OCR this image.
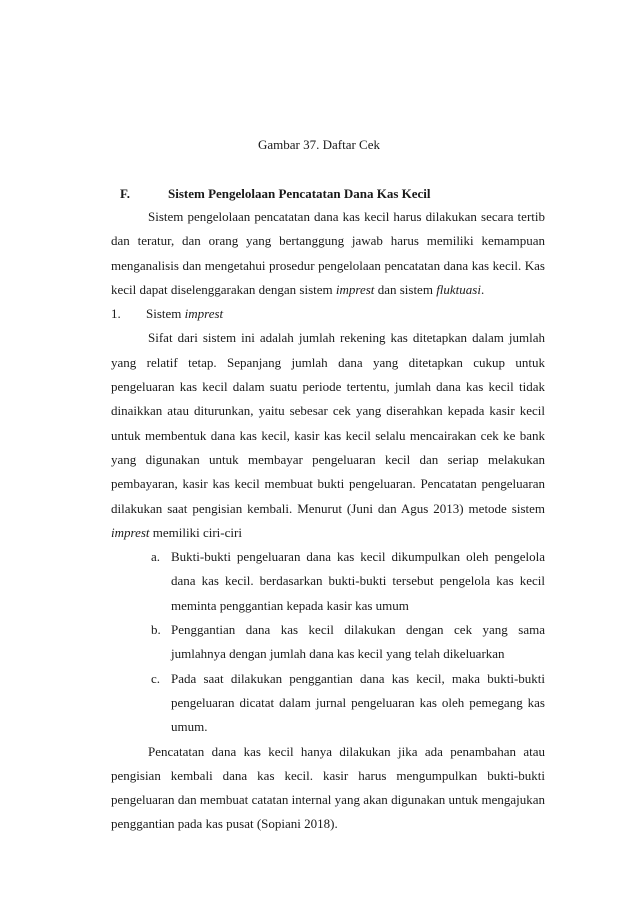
Gambar 37. Daftar Cek
F.	Sistem Pengelolaan Pencatatan Dana Kas Kecil

Sistem pengelolaan pencatatan dana kas kecil harus dilakukan secara tertib dan teratur, dan orang yang bertanggung jawab harus memiliki kemampuan menganalisis dan mengetahui prosedur pengelolaan pencatatan dana kas kecil. Kas kecil dapat diselenggarakan dengan sistem imprest dan sistem fluktuasi.

1. Sistem imprest

Sifat dari sistem ini adalah jumlah rekening kas ditetapkan dalam jumlah yang relatif tetap. Sepanjang jumlah dana yang ditetapkan cukup untuk pengeluaran kas kecil dalam suatu periode tertentu, jumlah dana kas kecil tidak dinaikkan atau diturunkan, yaitu sebesar cek yang diserahkan kepada kasir kecil untuk membentuk dana kas kecil, kasir kas kecil selalu mencairakan cek ke bank yang digunakan untuk membayar pengeluaran kecil dan seriap melakukan pembayaran, kasir kas kecil membuat bukti pengeluaran. Pencatatan pengeluaran dilakukan saat pengisian kembali. Menurut (Juni dan Agus 2013) metode sistem imprest memiliki ciri-ciri

a. Bukti-bukti pengeluaran dana kas kecil dikumpulkan oleh pengelola dana kas kecil. berdasarkan bukti-bukti tersebut pengelola kas kecil meminta penggantian kepada kasir kas umum
b. Penggantian dana kas kecil dilakukan dengan cek yang sama jumlahnya dengan jumlah dana kas kecil yang telah dikeluarkan
c. Pada saat dilakukan penggantian dana kas kecil, maka bukti-bukti pengeluaran dicatat dalam jurnal pengeluaran kas oleh pemegang kas umum.

Pencatatan dana kas kecil hanya dilakukan jika ada penambahan atau pengisian kembali dana kas kecil. kasir harus mengumpulkan bukti-bukti pengeluaran dan membuat catatan internal yang akan digunakan untuk mengajukan penggantian pada kas pusat (Sopiani 2018).
